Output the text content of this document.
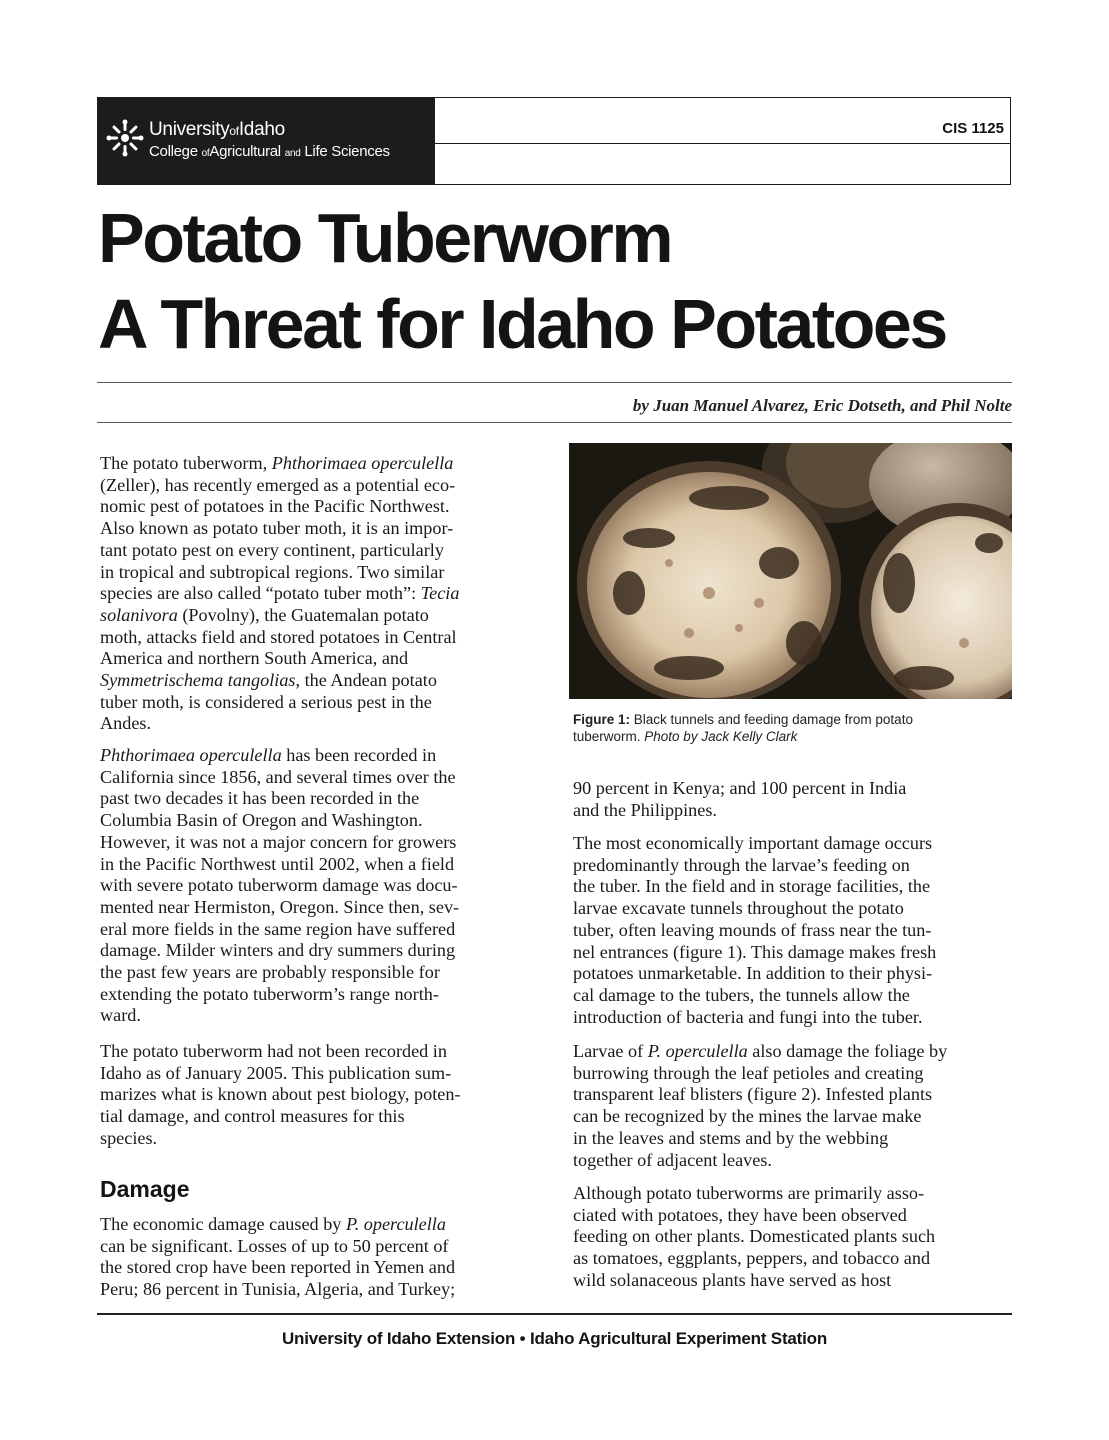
UniversityofIdaho
College ofAgricultural and Life Sciences
CIS 1125
Potato Tuberworm
A Threat for Idaho Potatoes
by Juan Manuel Alvarez, Eric Dotseth, and Phil Nolte
The potato tuberworm, Phthorimaea operculella
(Zeller), has recently emerged as a potential eco-
nomic pest of potatoes in the Pacific Northwest.
Also known as potato tuber moth, it is an impor-
tant potato pest on every continent, particularly
in tropical and subtropical regions. Two similar
species are also called “potato tuber moth”: Tecia
solanivora (Povolny), the Guatemalan potato
moth, attacks field and stored potatoes in Central
America and northern South America, and
Symmetrischema tangolias, the Andean potato
tuber moth, is considered a serious pest in the
Andes.
Phthorimaea operculella has been recorded in
California since 1856, and several times over the
past two decades it has been recorded in the
Columbia Basin of Oregon and Washington.
However, it was not a major concern for growers
in the Pacific Northwest until 2002, when a field
with severe potato tuberworm damage was docu-
mented near Hermiston, Oregon. Since then, sev-
eral more fields in the same region have suffered
damage. Milder winters and dry summers during
the past few years are probably responsible for
extending the potato tuberworm’s range north-
ward.
The potato tuberworm had not been recorded in
Idaho as of January 2005. This publication sum-
marizes what is known about pest biology, poten-
tial damage, and control measures for this
species.
Damage
The economic damage caused by P. operculella
can be significant. Losses of up to 50 percent of
the stored crop have been reported in Yemen and
Peru; 86 percent in Tunisia, Algeria, and Turkey;
Figure 1: Black tunnels and feeding damage from potato
tuberworm. Photo by Jack Kelly Clark
90 percent in Kenya; and 100 percent in India
and the Philippines.
The most economically important damage occurs
predominantly through the larvae’s feeding on
the tuber. In the field and in storage facilities, the
larvae excavate tunnels throughout the potato
tuber, often leaving mounds of frass near the tun-
nel entrances (figure 1). This damage makes fresh
potatoes unmarketable. In addition to their physi-
cal damage to the tubers, the tunnels allow the
introduction of bacteria and fungi into the tuber.
Larvae of P. operculella also damage the foliage by
burrowing through the leaf petioles and creating
transparent leaf blisters (figure 2). Infested plants
can be recognized by the mines the larvae make
in the leaves and stems and by the webbing
together of adjacent leaves.
Although potato tuberworms are primarily asso-
ciated with potatoes, they have been observed
feeding on other plants. Domesticated plants such
as tomatoes, eggplants, peppers, and tobacco and
wild solanaceous plants have served as host
University of Idaho Extension • Idaho Agricultural Experiment Station
